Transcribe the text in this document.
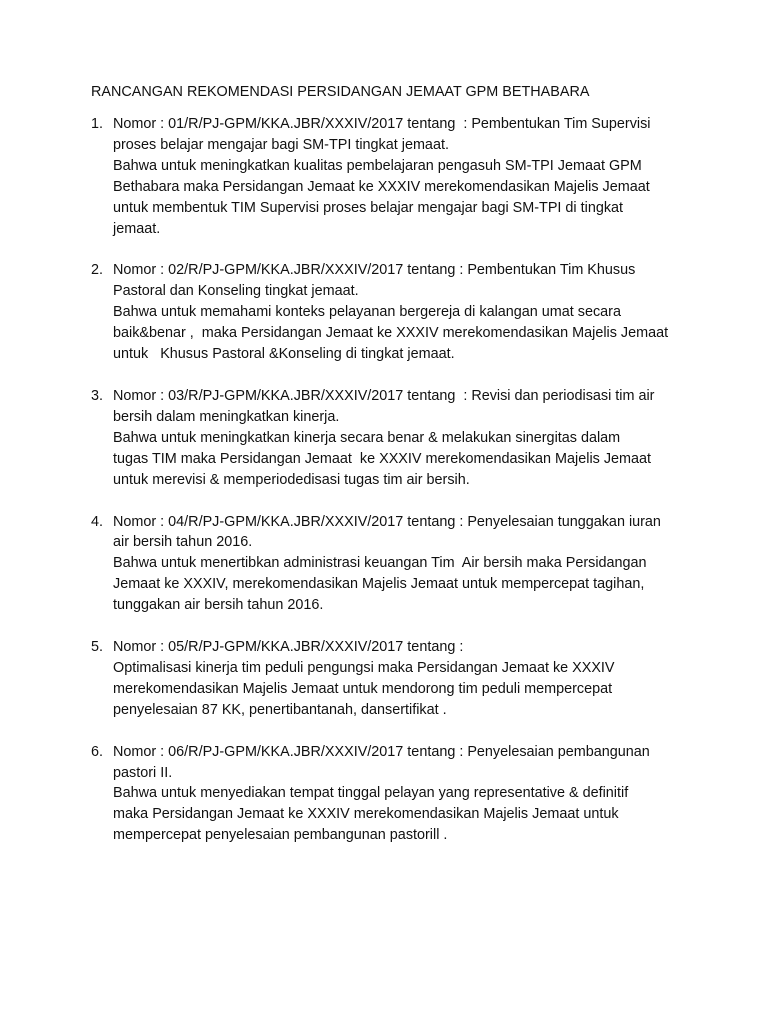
RANCANGAN REKOMENDASI PERSIDANGAN JEMAAT GPM BETHABARA
1. Nomor : 01/R/PJ-GPM/KKA.JBR/XXXIV/2017 tentang  : Pembentukan Tim Supervisi
proses belajar mengajar bagi SM-TPI tingkat jemaat.
Bahwa untuk meningkatkan kualitas pembelajaran pengasuh SM-TPI Jemaat GPM
Bethabara maka Persidangan Jemaat ke XXXIV merekomendasikan Majelis Jemaat
untuk membentuk TIM Supervisi proses belajar mengajar bagi SM-TPI di tingkat
jemaat.
2. Nomor : 02/R/PJ-GPM/KKA.JBR/XXXIV/2017 tentang : Pembentukan Tim Khusus
Pastoral dan Konseling tingkat jemaat.
Bahwa untuk memahami konteks pelayanan bergereja di kalangan umat secara
baik&benar ,  maka Persidangan Jemaat ke XXXIV merekomendasikan Majelis Jemaat
untuk   Khusus Pastoral &Konseling di tingkat jemaat.
3. Nomor : 03/R/PJ-GPM/KKA.JBR/XXXIV/2017 tentang  : Revisi dan periodisasi tim air
bersih dalam meningkatkan kinerja.
Bahwa untuk meningkatkan kinerja secara benar & melakukan sinergitas dalam
tugas TIM maka Persidangan Jemaat  ke XXXIV merekomendasikan Majelis Jemaat
untuk merevisi & memperiodedisasi tugas tim air bersih.
4. Nomor : 04/R/PJ-GPM/KKA.JBR/XXXIV/2017 tentang : Penyelesaian tunggakan iuran
air bersih tahun 2016.
Bahwa untuk menertibkan administrasi keuangan Tim  Air bersih maka Persidangan
Jemaat ke XXXIV, merekomendasikan Majelis Jemaat untuk mempercepat tagihan,
tunggakan air bersih tahun 2016.
5. Nomor : 05/R/PJ-GPM/KKA.JBR/XXXIV/2017 tentang :
Optimalisasi kinerja tim peduli pengungsi maka Persidangan Jemaat ke XXXIV
merekomendasikan Majelis Jemaat untuk mendorong tim peduli mempercepat
penyelesaian 87 KK, penertibantanah, dansertifikat .
6. Nomor : 06/R/PJ-GPM/KKA.JBR/XXXIV/2017 tentang : Penyelesaian pembangunan
pastori II.
Bahwa untuk menyediakan tempat tinggal pelayan yang representative & definitif
maka Persidangan Jemaat ke XXXIV merekomendasikan Majelis Jemaat untuk
mempercepat penyelesaian pembangunan pastorill .
